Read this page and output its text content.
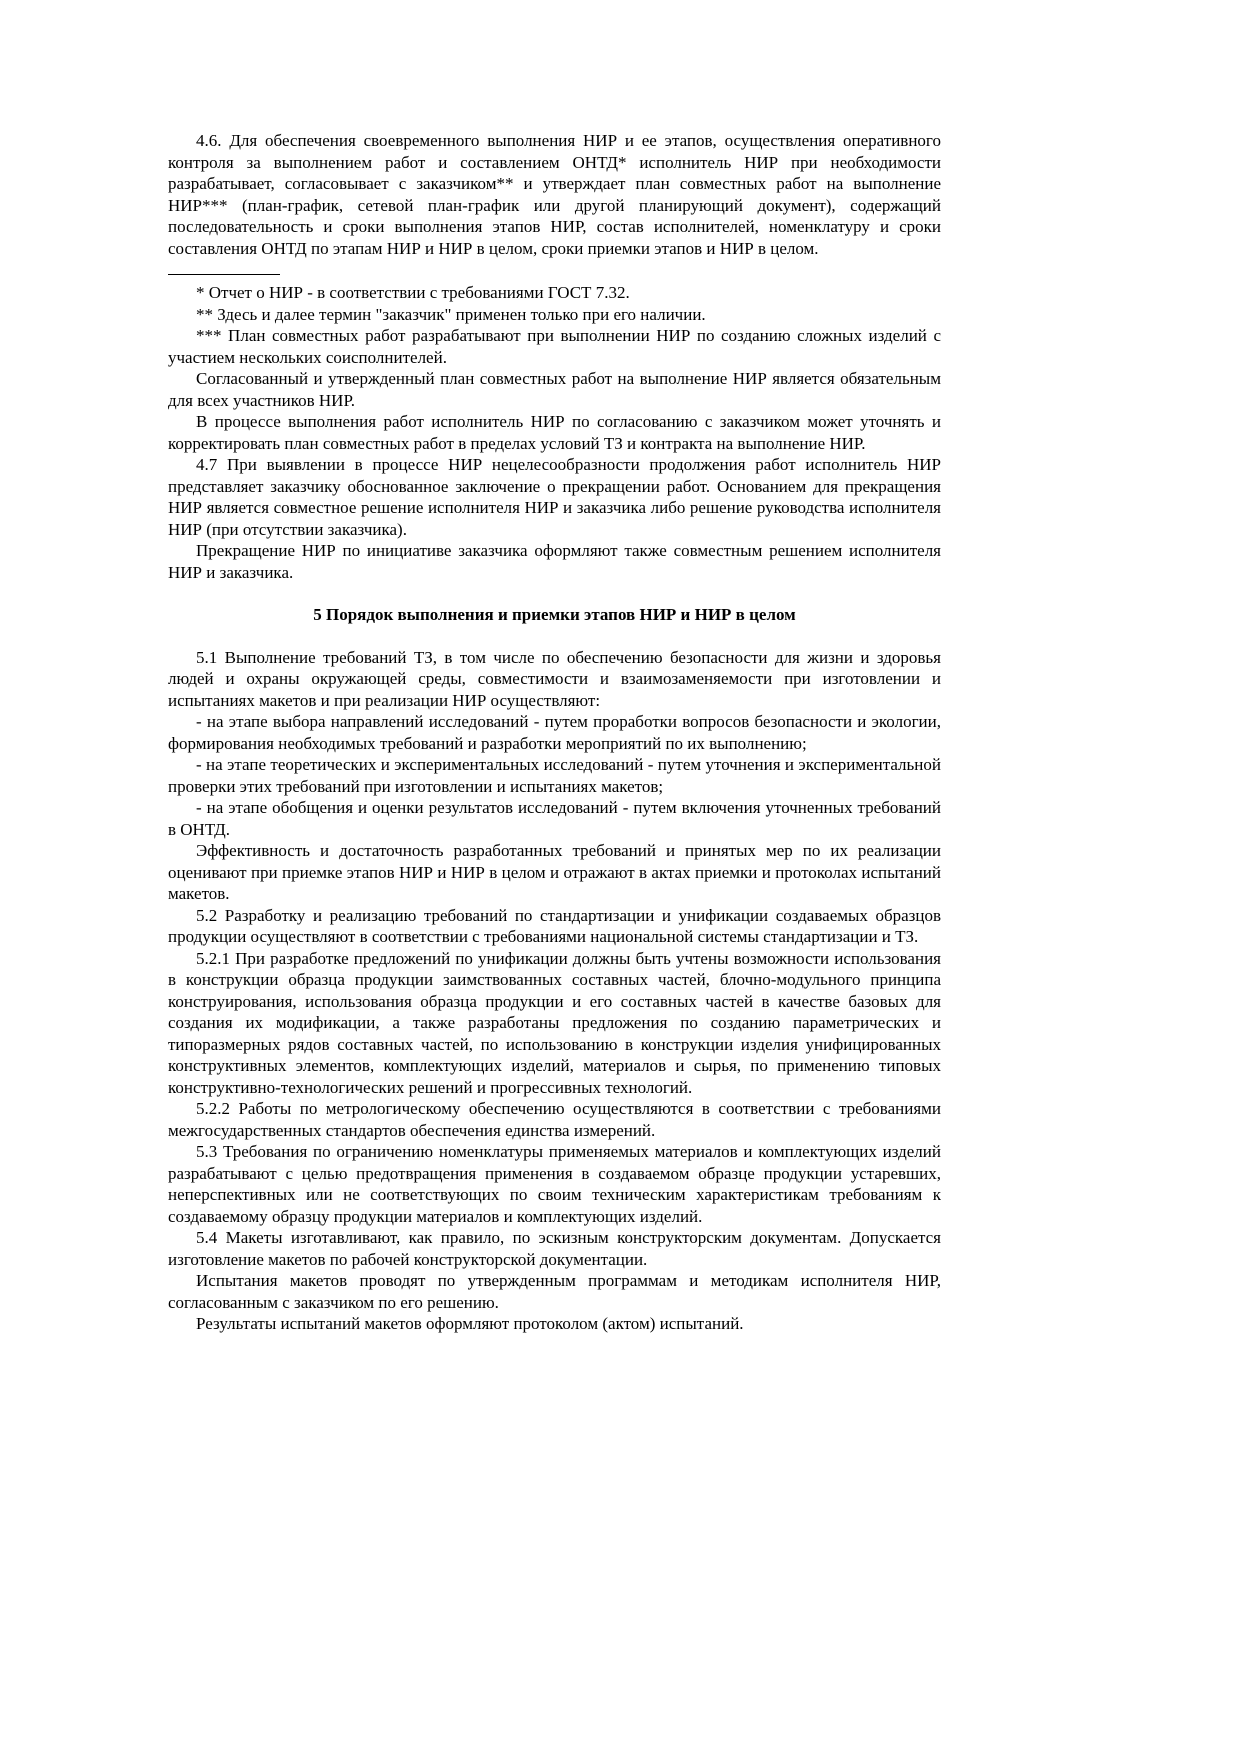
4.6. Для обеспечения своевременного выполнения НИР и ее этапов, осуществления оперативного контроля за выполнением работ и составлением ОНТД* исполнитель НИР при необходимости разрабатывает, согласовывает с заказчиком** и утверждает план совместных работ на выполнение НИР*** (план-график, сетевой план-график или другой планирующий документ), содержащий последовательность и сроки выполнения этапов НИР, состав исполнителей, номенклатуру и сроки составления ОНТД по этапам НИР и НИР в целом, сроки приемки этапов и НИР в целом.

* Отчет о НИР - в соответствии с требованиями ГОСТ 7.32.

** Здесь и далее термин "заказчик" применен только при его наличии.

*** План совместных работ разрабатывают при выполнении НИР по созданию сложных изделий с участием нескольких соисполнителей.

Согласованный и утвержденный план совместных работ на выполнение НИР является обязательным для всех участников НИР.

В процессе выполнения работ исполнитель НИР по согласованию с заказчиком может уточнять и корректировать план совместных работ в пределах условий ТЗ и контракта на выполнение НИР.

4.7 При выявлении в процессе НИР нецелесообразности продолжения работ исполнитель НИР представляет заказчику обоснованное заключение о прекращении работ. Основанием для прекращения НИР является совместное решение исполнителя НИР и заказчика либо решение руководства исполнителя НИР (при отсутствии заказчика).

Прекращение НИР по инициативе заказчика оформляют также совместным решением исполнителя НИР и заказчика.

5 Порядок выполнения и приемки этапов НИР и НИР в целом

5.1 Выполнение требований ТЗ, в том числе по обеспечению безопасности для жизни и здоровья людей и охраны окружающей среды, совместимости и взаимозаменяемости при изготовлении и испытаниях макетов и при реализации НИР осуществляют:

- на этапе выбора направлений исследований - путем проработки вопросов безопасности и экологии, формирования необходимых требований и разработки мероприятий по их выполнению;

- на этапе теоретических и экспериментальных исследований - путем уточнения и экспериментальной проверки этих требований при изготовлении и испытаниях макетов;

- на этапе обобщения и оценки результатов исследований - путем включения уточненных требований в ОНТД.

Эффективность и достаточность разработанных требований и принятых мер по их реализации оценивают при приемке этапов НИР и НИР в целом и отражают в актах приемки и протоколах испытаний макетов.

5.2 Разработку и реализацию требований по стандартизации и унификации создаваемых образцов продукции осуществляют в соответствии с требованиями национальной системы стандартизации и ТЗ.

5.2.1 При разработке предложений по унификации должны быть учтены возможности использования в конструкции образца продукции заимствованных составных частей, блочно-модульного принципа конструирования, использования образца продукции и его составных частей в качестве базовых для создания их модификации, а также разработаны предложения по созданию параметрических и типоразмерных рядов составных частей, по использованию в конструкции изделия унифицированных конструктивных элементов, комплектующих изделий, материалов и сырья, по применению типовых конструктивно-технологических решений и прогрессивных технологий.

5.2.2 Работы по метрологическому обеспечению осуществляются в соответствии с требованиями межгосударственных стандартов обеспечения единства измерений.

5.3 Требования по ограничению номенклатуры применяемых материалов и комплектующих изделий разрабатывают с целью предотвращения применения в создаваемом образце продукции устаревших, неперспективных или не соответствующих по своим техническим характеристикам требованиям к создаваемому образцу продукции материалов и комплектующих изделий.

5.4 Макеты изготавливают, как правило, по эскизным конструкторским документам. Допускается изготовление макетов по рабочей конструкторской документации.

Испытания макетов проводят по утвержденным программам и методикам исполнителя НИР, согласованным с заказчиком по его решению.

Результаты испытаний макетов оформляют протоколом (актом) испытаний.
